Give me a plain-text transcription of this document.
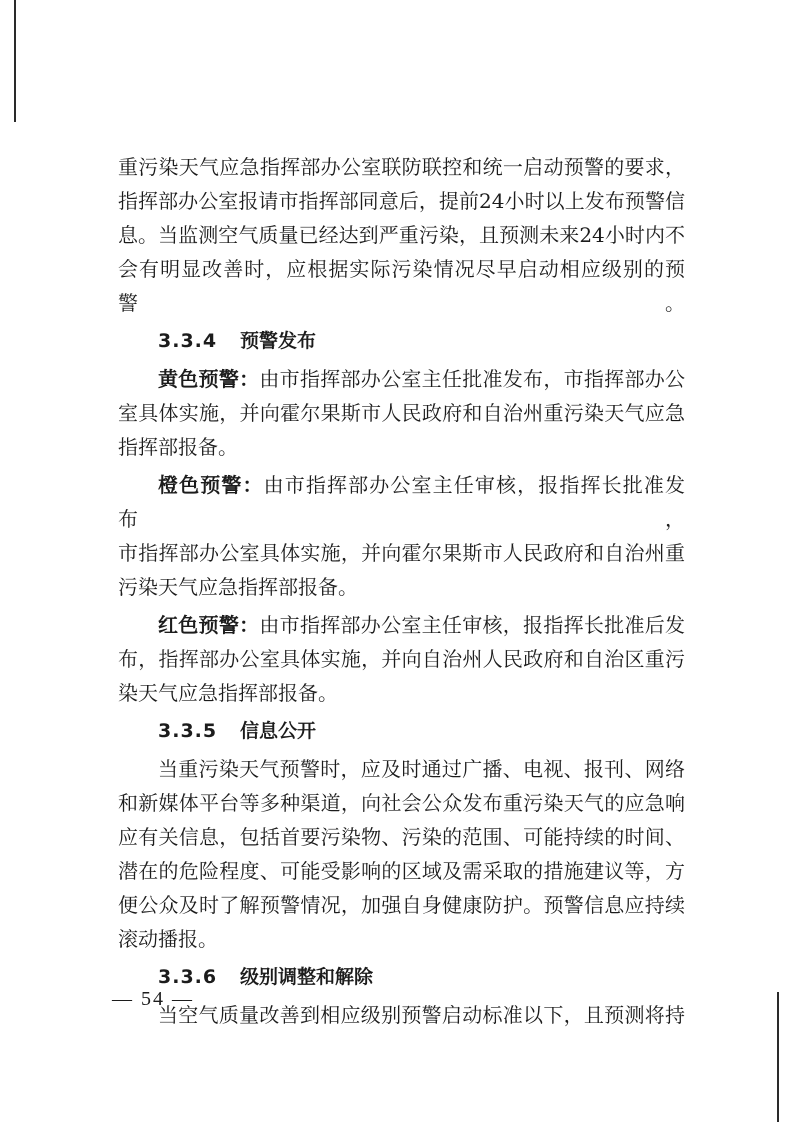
重污染天气应急指挥部办公室联防联控和统一启动预警的要求，

指挥部办公室报请市指挥部同意后，提前24小时以上发布预警信

息。当监测空气质量已经达到严重污染，且预测未来24小时内不

会有明显改善时，应根据实际污染情况尽早启动相应级别的预警。

3.3.4 预警发布

黄色预警：由市指挥部办公室主任批准发布，市指挥部办公

室具体实施，并向霍尔果斯市人民政府和自治州重污染天气应急

指挥部报备。

橙色预警：由市指挥部办公室主任审核，报指挥长批准发布，

市指挥部办公室具体实施，并向霍尔果斯市人民政府和自治州重

污染天气应急指挥部报备。

红色预警：由市指挥部办公室主任审核，报指挥长批准后发

布，指挥部办公室具体实施，并向自治州人民政府和自治区重污

染天气应急指挥部报备。

3.3.5 信息公开

当重污染天气预警时，应及时通过广播、电视、报刊、网络

和新媒体平台等多种渠道，向社会公众发布重污染天气的应急响

应有关信息，包括首要污染物、污染的范围、可能持续的时间、

潜在的危险程度、可能受影响的区域及需采取的措施建议等，方

便公众及时了解预警情况，加强自身健康防护。预警信息应持续

滚动播报。

3.3.6 级别调整和解除

当空气质量改善到相应级别预警启动标准以下，且预测将持

— 54 —
